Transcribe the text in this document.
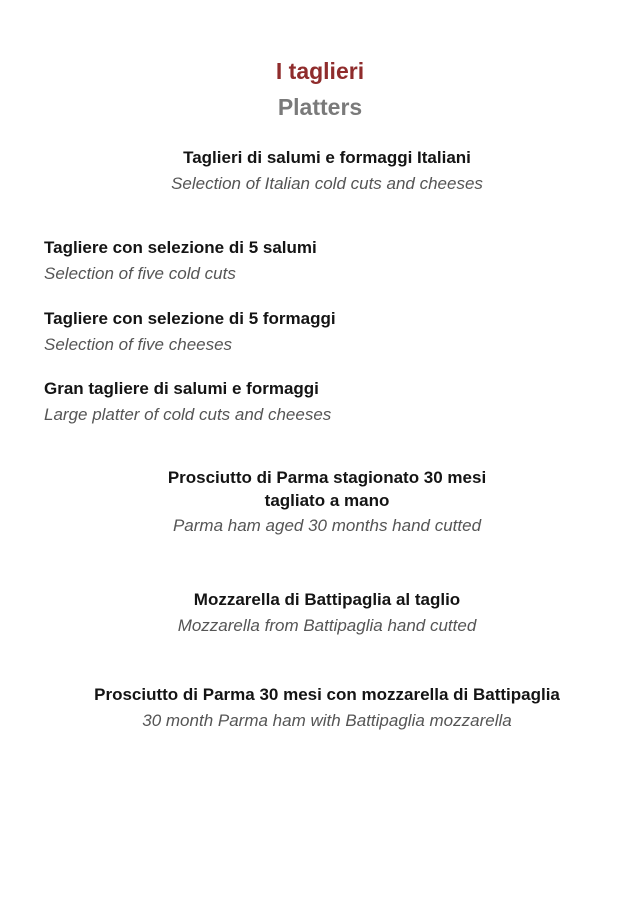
I taglieri
Platters
Taglieri di salumi e formaggi Italiani
Selection of Italian cold cuts and cheeses
Tagliere con selezione di 5 salumi
Selection of five cold cuts
Tagliere con selezione di 5 formaggi
Selection of five cheeses
Gran tagliere di salumi e formaggi
Large platter of cold cuts and cheeses
Prosciutto di Parma stagionato 30 mesi
tagliato a mano
Parma ham aged 30 months hand cutted
Mozzarella di Battipaglia al taglio
Mozzarella from Battipaglia hand cutted
Prosciutto di Parma 30 mesi con mozzarella di Battipaglia
30 month Parma ham with Battipaglia mozzarella
